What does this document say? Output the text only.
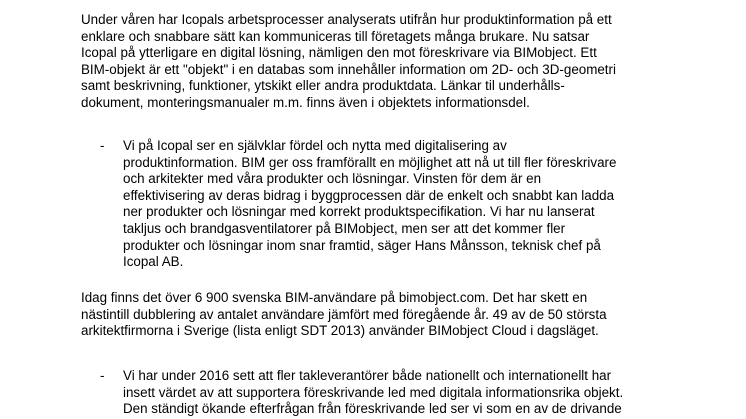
Under våren har Icopals arbetsprocesser analyserats utifrån hur produktinformation på ett
enklare och snabbare sätt kan kommuniceras till företagets många brukare. Nu satsar
Icopal på ytterligare en digital lösning, nämligen den mot föreskrivare via BIMobject. Ett
BIM-objekt är ett "objekt" i en databas som innehåller information om 2D- och 3D-geometri
samt beskrivning, funktioner, ytskikt eller andra produktdata. Länkar til underhålls-
dokument, monteringsmanualer m.m. finns även i objektets informationsdel.

- Vi på Icopal ser en självklar fördel och nytta med digitalisering av
produktinformation. BIM ger oss framförallt en möjlighet att nå ut till fler föreskrivare
och arkitekter med våra produkter och lösningar. Vinsten för dem är en
effektivisering av deras bidrag i byggprocessen där de enkelt och snabbt kan ladda
ner produkter och lösningar med korrekt produktspecifikation. Vi har nu lanserat
takljus och brandgasventilatorer på BIMobject, men ser att det kommer fler
produkter och lösningar inom snar framtid, säger Hans Månsson, teknisk chef på
Icopal AB.

Idag finns det över 6 900 svenska BIM-användare på bimobject.com. Det har skett en
nästintill dubblering av antalet användare jämfört med föregående år. 49 av de 50 största
arkitektfirmorna i Sverige (lista enligt SDT 2013) använder BIMobject Cloud i dagsläget.

- Vi har under 2016 sett att fler takleverantörer både nationellt och internationellt har
insett värdet av att supportera föreskrivande led med digitala informationsrika objekt.
Den ständigt ökande efterfrågan från föreskrivande led ser vi som en av de drivande
